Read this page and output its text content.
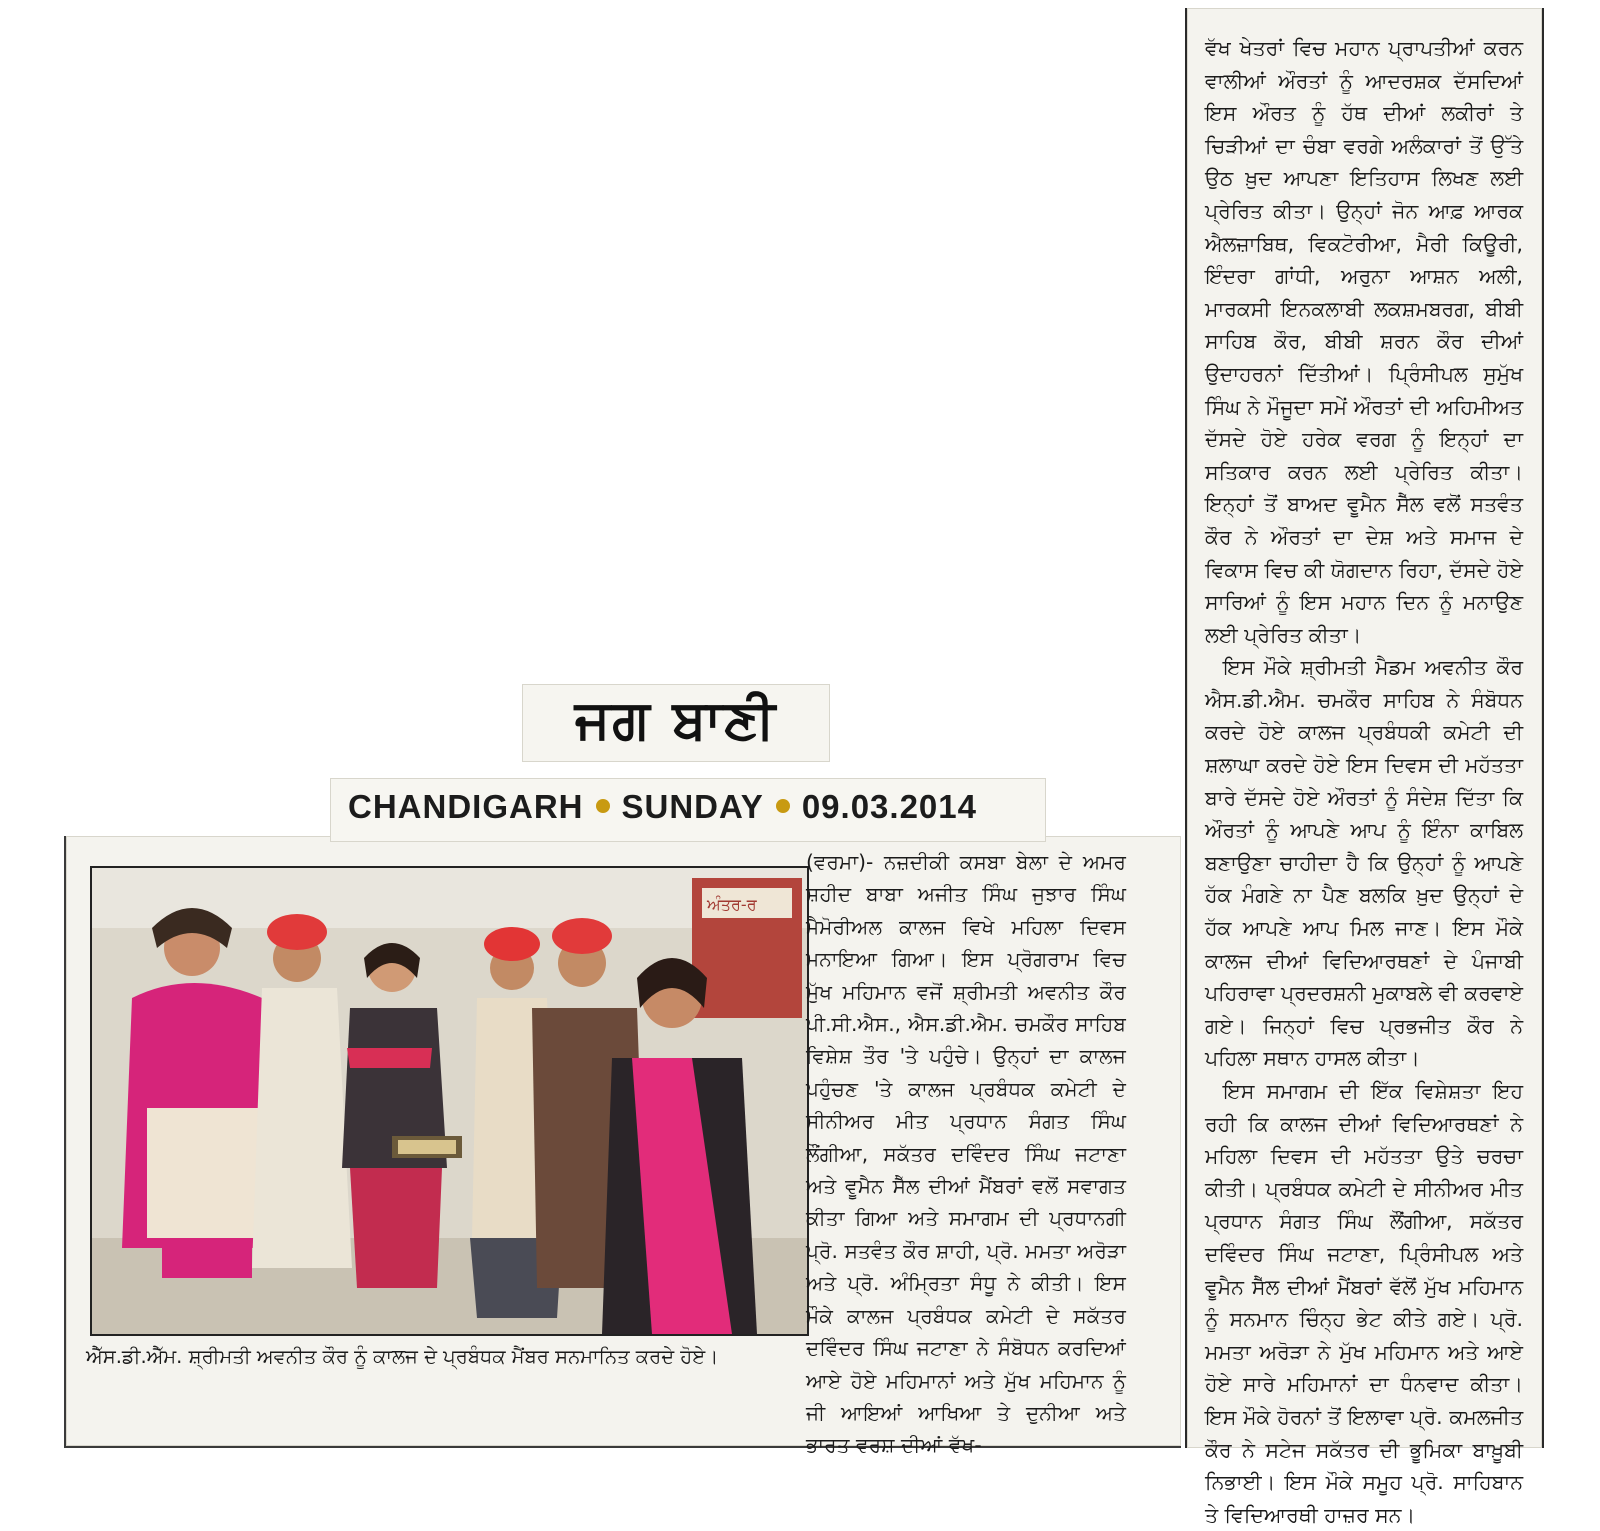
ਵੱਖ ਖੇਤਰਾਂ ਵਿਚ ਮਹਾਨ ਪ੍ਰਾਪਤੀਆਂ ਕਰਨ ਵਾਲੀਆਂ ਔਰਤਾਂ ਨੂੰ ਆਦਰਸ਼ਕ ਦੱਸਦਿਆਂ ਇਸ ਔਰਤ ਨੂੰ ਹੱਥ ਦੀਆਂ ਲਕੀਰਾਂ ਤੇ ਚਿੜੀਆਂ ਦਾ ਚੰਬਾ ਵਰਗੇ ਅਲੰਕਾਰਾਂ ਤੋਂ ਉੱਤੇ ਉਠ ਖ਼ੁਦ ਆਪਣਾ ਇਤਿਹਾਸ ਲਿਖਣ ਲਈ ਪ੍ਰੇਰਿਤ ਕੀਤਾ। ਉਨ੍ਹਾਂ ਜੋਨ ਆਫ਼ ਆਰਕ ਐਲਜ਼ਾਬਿਥ, ਵਿਕਟੋਰੀਆ, ਮੈਰੀ ਕਿਊਰੀ, ਇੰਦਰਾ ਗਾਂਧੀ, ਅਰੁਨਾ ਆਸ਼ਨ ਅਲੀ, ਮਾਰਕਸੀ ਇਨਕਲਾਬੀ ਲਕਸ਼ਮਬਰਗ, ਬੀਬੀ ਸਾਹਿਬ ਕੌਰ, ਬੀਬੀ ਸ਼ਰਨ ਕੌਰ ਦੀਆਂ ਉਦਾਹਰਨਾਂ ਦਿੱਤੀਆਂ। ਪ੍ਰਿੰਸੀਪਲ ਸੁਮੁੱਖ ਸਿੰਘ ਨੇ ਮੌਜੂਦਾ ਸਮੇਂ ਔਰਤਾਂ ਦੀ ਅਹਿਮੀਅਤ ਦੱਸਦੇ ਹੋਏ ਹਰੇਕ ਵਰਗ ਨੂੰ ਇਨ੍ਹਾਂ ਦਾ ਸਤਿਕਾਰ ਕਰਨ ਲਈ ਪ੍ਰੇਰਿਤ ਕੀਤਾ। ਇਨ੍ਹਾਂ ਤੋਂ ਬਾਅਦ ਵੂਮੈਨ ਸੈੱਲ ਵਲੋਂ ਸਤਵੰਤ ਕੌਰ ਨੇ ਔਰਤਾਂ ਦਾ ਦੇਸ਼ ਅਤੇ ਸਮਾਜ ਦੇ ਵਿਕਾਸ ਵਿਚ ਕੀ ਯੋਗਦਾਨ ਰਿਹਾ, ਦੱਸਦੇ ਹੋਏ ਸਾਰਿਆਂ ਨੂੰ ਇਸ ਮਹਾਨ ਦਿਨ ਨੂੰ ਮਨਾਉਣ ਲਈ ਪ੍ਰੇਰਿਤ ਕੀਤਾ।

ਇਸ ਮੌਕੇ ਸ਼੍ਰੀਮਤੀ ਮੈਡਮ ਅਵਨੀਤ ਕੌਰ ਐਸ.ਡੀ.ਐਮ. ਚਮਕੌਰ ਸਾਹਿਬ ਨੇ ਸੰਬੋਧਨ ਕਰਦੇ ਹੋਏ ਕਾਲਜ ਪ੍ਰਬੰਧਕੀ ਕਮੇਟੀ ਦੀ ਸ਼ਲਾਘਾ ਕਰਦੇ ਹੋਏ ਇਸ ਦਿਵਸ ਦੀ ਮਹੱਤਤਾ ਬਾਰੇ ਦੱਸਦੇ ਹੋਏ ਔਰਤਾਂ ਨੂੰ ਸੰਦੇਸ਼ ਦਿੱਤਾ ਕਿ ਔਰਤਾਂ ਨੂੰ ਆਪਣੇ ਆਪ ਨੂੰ ਇੰਨਾ ਕਾਬਿਲ ਬਣਾਉਣਾ ਚਾਹੀਦਾ ਹੈ ਕਿ ਉਨ੍ਹਾਂ ਨੂੰ ਆਪਣੇ ਹੱਕ ਮੰਗਣੇ ਨਾ ਪੈਣ ਬਲਕਿ ਖ਼ੁਦ ਉਨ੍ਹਾਂ ਦੇ ਹੱਕ ਆਪਣੇ ਆਪ ਮਿਲ ਜਾਣ। ਇਸ ਮੌਕੇ ਕਾਲਜ ਦੀਆਂ ਵਿਦਿਆਰਥਣਾਂ ਦੇ ਪੰਜਾਬੀ ਪਹਿਰਾਵਾ ਪ੍ਰਦਰਸ਼ਨੀ ਮੁਕਾਬਲੇ ਵੀ ਕਰਵਾਏ ਗਏ। ਜਿਨ੍ਹਾਂ ਵਿਚ ਪ੍ਰਭਜੀਤ ਕੌਰ ਨੇ ਪਹਿਲਾ ਸਥਾਨ ਹਾਸਲ ਕੀਤਾ।

ਇਸ ਸਮਾਗਮ ਦੀ ਇੱਕ ਵਿਸ਼ੇਸ਼ਤਾ ਇਹ ਰਹੀ ਕਿ ਕਾਲਜ ਦੀਆਂ ਵਿਦਿਆਰਥਣਾਂ ਨੇ ਮਹਿਲਾ ਦਿਵਸ ਦੀ ਮਹੱਤਤਾ ਉਤੇ ਚਰਚਾ ਕੀਤੀ। ਪ੍ਰਬੰਧਕ ਕਮੇਟੀ ਦੇ ਸੀਨੀਅਰ ਮੀਤ ਪ੍ਰਧਾਨ ਸੰਗਤ ਸਿੰਘ ਲੌਂਗੀਆ, ਸਕੱਤਰ ਦਵਿੰਦਰ ਸਿੰਘ ਜਟਾਣਾ, ਪ੍ਰਿੰਸੀਪਲ ਅਤੇ ਵੂਮੈਨ ਸੈੱਲ ਦੀਆਂ ਮੈਂਬਰਾਂ ਵੱਲੋਂ ਮੁੱਖ ਮਹਿਮਾਨ ਨੂੰ ਸਨਮਾਨ ਚਿੰਨ੍ਹ ਭੇਟ ਕੀਤੇ ਗਏ। ਪ੍ਰੋ. ਮਮਤਾ ਅਰੋੜਾ ਨੇ ਮੁੱਖ ਮਹਿਮਾਨ ਅਤੇ ਆਏ ਹੋਏ ਸਾਰੇ ਮਹਿਮਾਨਾਂ ਦਾ ਧੰਨਵਾਦ ਕੀਤਾ। ਇਸ ਮੌਕੇ ਹੋਰਨਾਂ ਤੋਂ ਇਲਾਵਾ ਪ੍ਰੋ. ਕਮਲਜੀਤ ਕੌਰ ਨੇ ਸਟੇਜ ਸਕੱਤਰ ਦੀ ਭੂਮਿਕਾ ਬਾਖ਼ੂਬੀ ਨਿਭਾਈ। ਇਸ ਮੌਕੇ ਸਮੂਹ ਪ੍ਰੋ. ਸਾਹਿਬਾਨ ਤੇ ਵਿਦਿਆਰਥੀ ਹਾਜ਼ਰ ਸਨ।

ਅੰਤਰ-ਰ
ਐੱਸ.ਡੀ.ਐੱਮ. ਸ਼੍ਰੀਮਤੀ ਅਵਨੀਤ ਕੌਰ ਨੂੰ ਕਾਲਜ ਦੇ ਪ੍ਰਬੰਧਕ ਮੈਂਬਰ ਸਨਮਾਨਿਤ ਕਰਦੇ ਹੋਏ।

(ਵਰਮਾ)- ਨਜ਼ਦੀਕੀ ਕਸਬਾ ਬੇਲਾ ਦੇ ਅਮਰ ਸ਼ਹੀਦ ਬਾਬਾ ਅਜੀਤ ਸਿੰਘ ਜੁਝਾਰ ਸਿੰਘ ਮੈਮੋਰੀਅਲ ਕਾਲਜ ਵਿਖੇ ਮਹਿਲਾ ਦਿਵਸ ਮਨਾਇਆ ਗਿਆ। ਇਸ ਪ੍ਰੋਗਰਾਮ ਵਿਚ ਮੁੱਖ ਮਹਿਮਾਨ ਵਜੋਂ ਸ਼੍ਰੀਮਤੀ ਅਵਨੀਤ ਕੌਰ ਪੀ.ਸੀ.ਐਸ., ਐਸ.ਡੀ.ਐਮ. ਚਮਕੌਰ ਸਾਹਿਬ ਵਿਸ਼ੇਸ਼ ਤੌਰ 'ਤੇ ਪਹੁੰਚੇ। ਉਨ੍ਹਾਂ ਦਾ ਕਾਲਜ ਪਹੁੰਚਣ 'ਤੇ ਕਾਲਜ ਪ੍ਰਬੰਧਕ ਕਮੇਟੀ ਦੇ ਸੀਨੀਅਰ ਮੀਤ ਪ੍ਰਧਾਨ ਸੰਗਤ ਸਿੰਘ ਲੌਂਗੀਆ, ਸਕੱਤਰ ਦਵਿੰਦਰ ਸਿੰਘ ਜਟਾਣਾ ਅਤੇ ਵੂਮੈਨ ਸੈੱਲ ਦੀਆਂ ਮੈਂਬਰਾਂ ਵਲੋਂ ਸਵਾਗਤ ਕੀਤਾ ਗਿਆ ਅਤੇ ਸਮਾਗਮ ਦੀ ਪ੍ਰਧਾਨਗੀ ਪ੍ਰੋ. ਸਤਵੰਤ ਕੌਰ ਸ਼ਾਹੀ, ਪ੍ਰੋ. ਮਮਤਾ ਅਰੋੜਾ ਅਤੇ ਪ੍ਰੋ. ਅੰਮ੍ਰਿਤਾ ਸੰਧੂ ਨੇ ਕੀਤੀ। ਇਸ ਮੌਕੇ ਕਾਲਜ ਪ੍ਰਬੰਧਕ ਕਮੇਟੀ ਦੇ ਸਕੱਤਰ ਦਵਿੰਦਰ ਸਿੰਘ ਜਟਾਣਾ ਨੇ ਸੰਬੋਧਨ ਕਰਦਿਆਂ ਆਏ ਹੋਏ ਮਹਿਮਾਨਾਂ ਅਤੇ ਮੁੱਖ ਮਹਿਮਾਨ ਨੂੰ ਜੀ ਆਇਆਂ ਆਖਿਆ ਤੇ ਦੁਨੀਆ ਅਤੇ ਭਾਰਤ ਵਰਸ਼ ਦੀਆਂ ਵੱਖ-

ਜਗ ਬਾਣੀ
CHANDIGARH SUNDAY 09.03.2014
